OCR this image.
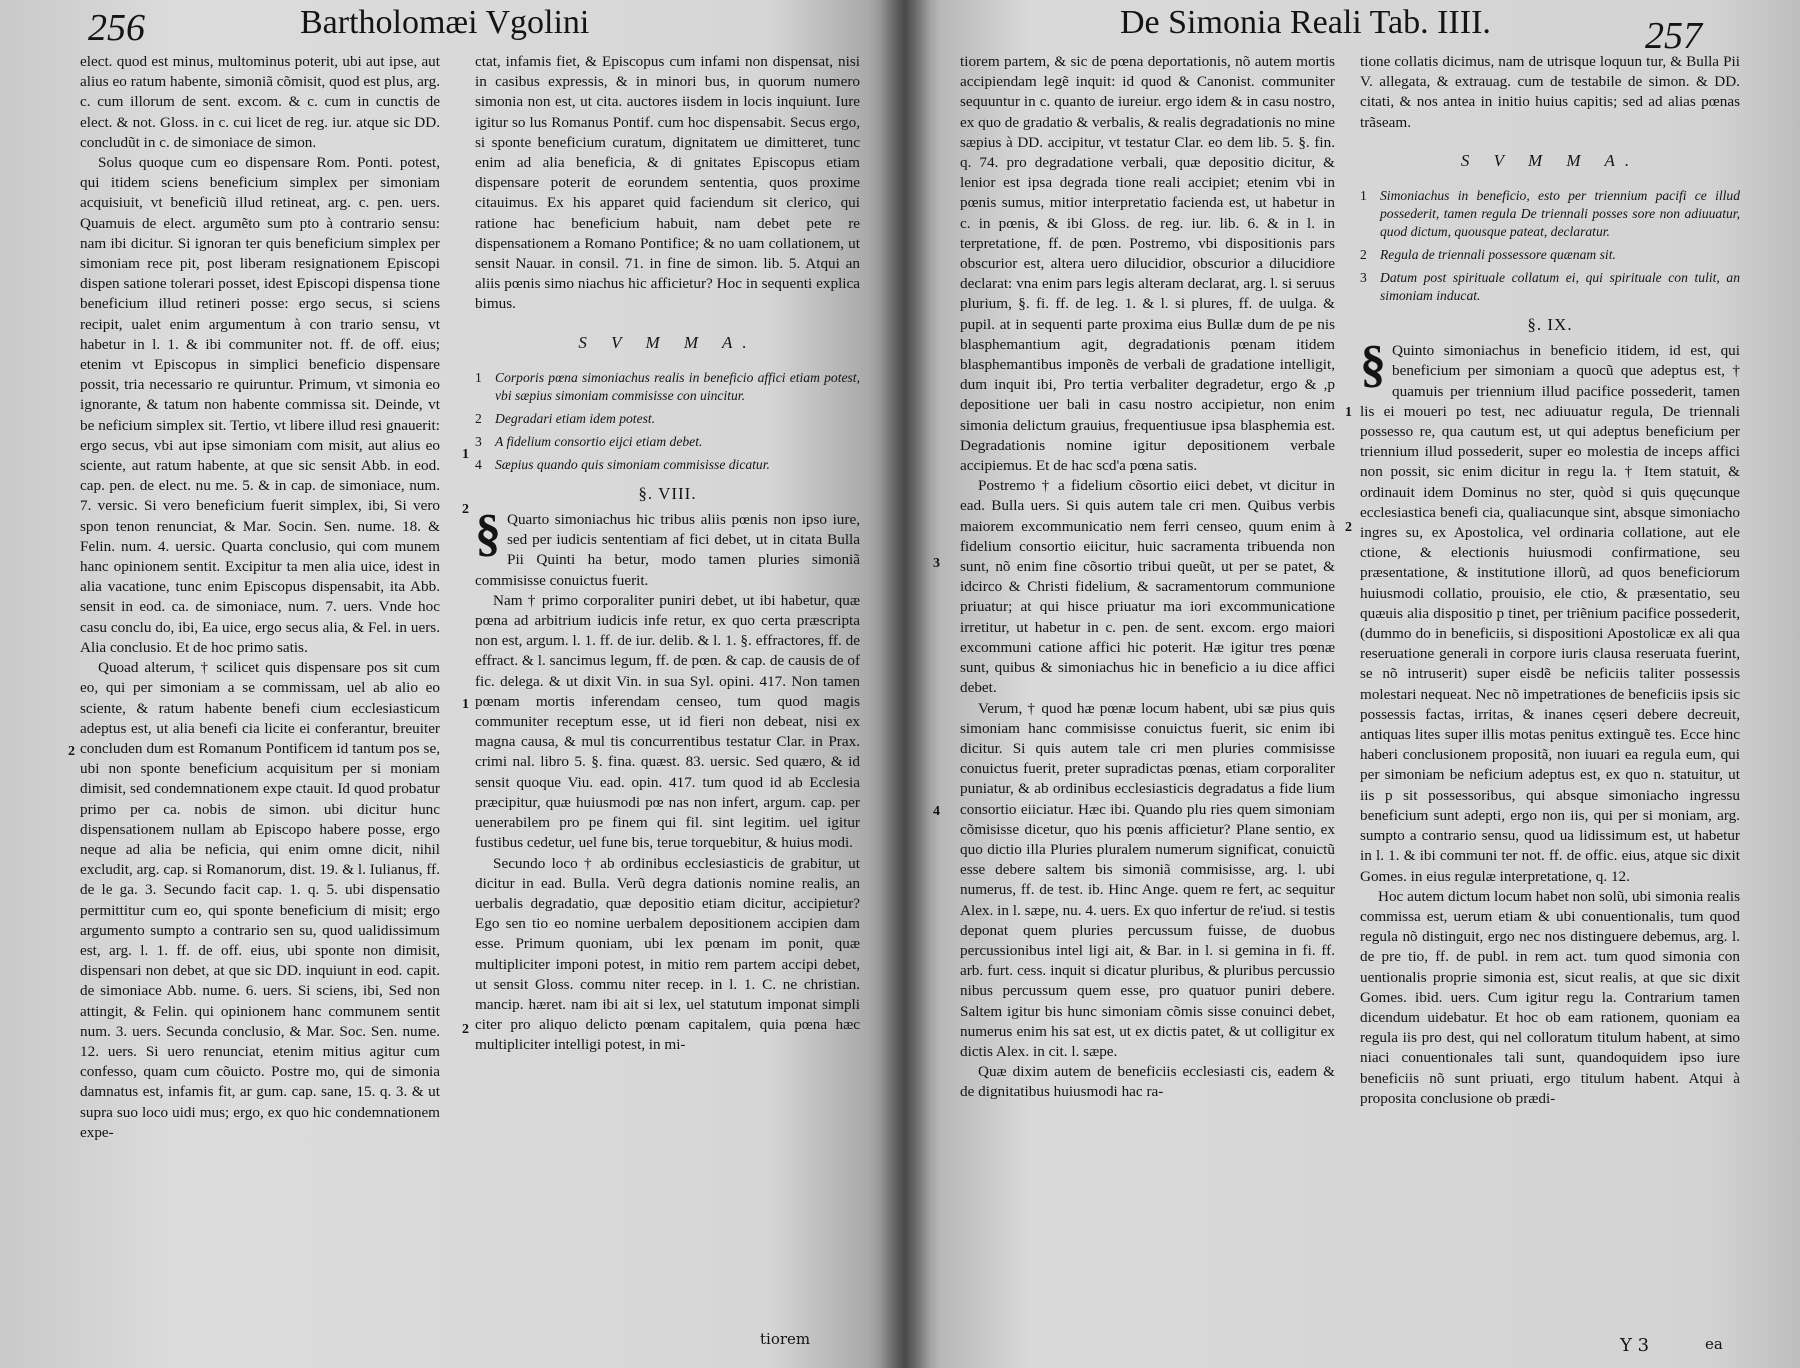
256	Bartholomæi Vgolini

elect. quod est minus, multominus poterit, ubi aut ipse, aut alius eo ratum habente, simoniã cõmisit, quod est plus, arg. c. cum illorum de sent. excom. & c. cum in cunctis de elect. & not. Gloss. in c. cui licet de reg. iur. atque sic DD. concludũt in c. de simoniace de simon.

Solus quoque cum eo dispensare Rom. Ponti. potest, qui itidem sciens beneficium simplex per simoniam acquisiuit, vt beneficiũ illud retineat, arg. c. pen. uers. Quamuis de elect. argumẽto sum pto à contrario sensu: nam ibi dicitur. Si ignoran ter quis beneficium simplex per simoniam rece pit, post liberam resignationem Episcopi dispen satione tolerari posset, idest Episcopi dispensa tione beneficium illud retineri posse: ergo secus, si sciens recipit, ualet enim argumentum à con trario sensu, vt habetur in l. 1. & ibi communiter not. ff. de off. eius; etenim vt Episcopus in simplici beneficio dispensare possit, tria necessario re quiruntur. Primum, vt simonia eo ignorante, & tatum non habente commissa sit. Deinde, vt be neficium simplex sit. Tertio, vt libere illud resi gnauerit: ergo secus, vbi aut ipse simoniam com misit, aut alius eo sciente, aut ratum habente, at que sic sensit Abb. in eod. cap. pen. de elect. nu me. 5. & in cap. de simoniace, num. 7. versic. Si vero beneficium fuerit simplex, ibi, Si vero spon tenon renunciat, & Mar. Socin. Sen. nume. 18. & Felin. num. 4. uersic. Quarta conclusio, qui com munem hanc opinionem sentit. Excipitur ta men alia uice, idest in alia vacatione, tunc enim Episcopus dispensabit, ita Abb. sensit in eod. ca. de simoniace, num. 7. uers. Vnde hoc casu conclu do, ibi, Ea uice, ergo secus alia, & Fel. in uers. Alia conclusio. Et de hoc primo satis.

Quoad alterum, † scilicet quis dispensare pos sit cum eo, qui per simoniam a se commissam, uel ab alio eo sciente, & ratum habente benefi cium ecclesiasticum adeptus est, ut alia benefi cia licite ei conferantur, breuiter concluden dum est Romanum Pontificem id tantum pos se, ubi non sponte beneficium acquisitum per si moniam dimisit, sed condemnationem expe ctauit. Id quod probatur primo per ca. nobis de simon. ubi dicitur hunc dispensationem nullam ab Episcopo habere posse, ergo neque ad alia be neficia, qui enim omne dicit, nihil excludit, arg. cap. si Romanorum, dist. 19. & l. Iulianus, ff. de le ga. 3. Secundo facit cap. 1. q. 5. ubi dispensatio permittitur cum eo, qui sponte beneficium di misit; ergo argumento sumpto a contrario sen su, quod ualidissimum est, arg. l. 1. ff. de off. eius, ubi sponte non dimisit, dispensari non debet, at que sic DD. inquiunt in eod. capit. de simoniace Abb. nume. 6. uers. Si sciens, ibi, Sed non attingit, & Felin. qui opinionem hanc communem sentit num. 3. uers. Secunda conclusio, & Mar. Soc. Sen. nume. 12. uers. Si uero renunciat, etenim mitius agitur cum confesso, quam cum cõuicto. Postre mo, qui de simonia damnatus est, infamis fit, ar gum. cap. sane, 15. q. 3. & ut supra suo loco uidi mus; ergo, ex quo hic condemnationem expe-

ctat, infamis fiet, & Episcopus cum infami non dispensat, nisi in casibus expressis, & in minori bus, in quorum numero simonia non est, ut cita. auctores iisdem in locis inquiunt. Iure igitur so lus Romanus Pontif. cum hoc dispensabit. Secus ergo, si sponte beneficium curatum, dignitatem ue dimitteret, tunc enim ad alia beneficia, & di gnitates Episcopus etiam dispensare poterit de eorundem sententia, quos proxime citauimus. Ex his apparet quid faciendum sit clerico, qui ratione hac beneficium habuit, nam debet pete re dispensationem a Romano Pontifice; & no uam collationem, ut sensit Nauar. in consil. 71. in fine de simon. lib. 5. Atqui an aliis pœnis simo niachus hic afficietur? Hoc in sequenti explica bimus.

S V M M A.
1 Corporis pœna simoniachus realis in beneficio affici etiam potest, vbi sæpius simoniam commisisse con uincitur.
2 Degradari etiam idem potest.
3 A fidelium consortio eijci etiam debet.
4 Sæpius quando quis simoniam commisisse dicatur.
§. VIII.

§ Quarto simoniachus hic tribus aliis pœnis non ipso iure, sed per iudicis sententiam af fici debet, ut in citata Bulla Pii Quinti ha betur, modo tamen pluries simoniã commisisse conuictus fuerit.

Nam † primo corporaliter puniri debet, ut ibi habetur, quæ pœna ad arbitrium iudicis infe retur, ex quo certa præscripta non est, argum. l. 1. ff. de iur. delib. & l. 1. §. effractores, ff. de effract. & l. sancimus legum, ff. de pœn. & cap. de causis de of fic. delega. & ut dixit Vin. in sua Syl. opini. 417. Non tamen pœnam mortis inferendam censeo, tum quod magis communiter receptum esse, ut id fieri non debeat, nisi ex magna causa, & mul tis concurrentibus testatur Clar. in Prax. crimi nal. libro 5. §. fina. quæst. 83. uersic. Sed quæro, & id sensit quoque Viu. ead. opin. 417. tum quod id ab Ecclesia præcipitur, quæ huiusmodi pœ nas non infert, argum. cap. per uenerabilem pro pe finem qui fil. sint legitim. uel igitur fustibus cedetur, uel fune bis, terue torquebitur, & huius modi.

Secundo loco † ab ordinibus ecclesiasticis de grabitur, ut dicitur in ead. Bulla. Verũ degra dationis nomine realis, an uerbalis degradatio, quæ depositio etiam dicitur, accipietur? Ego sen tio eo nomine uerbalem depositionem accipien dam esse. Primum quoniam, ubi lex pœnam im ponit, quæ multipliciter imponi potest, in mitio rem partem accipi debet, ut sensit Gloss. commu niter recep. in l. 1. C. ne christian. mancip. hæret. nam ibi ait si lex, uel statutum imponat simpli citer pro aliquo delicto pœnam capitalem, quia pœna hæc multipliciter intelligi potest, in mi-

2
1
2
1
2
tiorem
De Simonia Reali Tab. IIII.	257

tiorem partem, & sic de pœna deportationis, nõ autem mortis accipiendam legẽ inquit: id quod & Canonist. communiter sequuntur in c. quanto de iureiur. ergo idem & in casu nostro, ex quo de gradatio & verbalis, & realis degradationis no mine sæpius à DD. accipitur, vt testatur Clar. eo dem lib. 5. §. fin. q. 74. pro degradatione verbali, quæ depositio dicitur, & lenior est ipsa degrada tione reali accipiet; etenim vbi in pœnis sumus, mitior interpretatio facienda est, ut habetur in c. in pœnis, & ibi Gloss. de reg. iur. lib. 6. & in l. in terpretatione, ff. de pœn. Postremo, vbi dispositionis pars obscurior est, altera uero dilucidior, obscurior a dilucidiore declarat: vna enim pars legis alteram declarat, arg. l. si seruus plurium, §. fi. ff. de leg. 1. & l. si plures, ff. de uulga. & pupil. at in sequenti parte proxima eius Bullæ dum de pe nis blasphemantium agit, degradationis pœnam itidem blasphemantibus imponẽs de verbali de gradatione intelligit, dum inquit ibi, Pro tertia verbaliter degradetur, ergo & ,p depositione uer bali in casu nostro accipietur, non enim simonia delictum grauius, frequentiusue ipsa blasphemia est. Degradationis nomine igitur depositionem verbale accipiemus. Et de hac scd'a pœna satis.

Postremo † a fidelium cõsortio eiici debet, vt dicitur in ead. Bulla uers. Si quis autem tale cri men. Quibus verbis maiorem excommunicatio nem ferri censeo, quum enim à fidelium consortio eiicitur, huic sacramenta tribuenda non sunt, nõ enim fine cõsortio tribui queũt, ut per se patet, & idcirco & Christi fidelium, & sacramentorum communione priuatur; at qui hisce priuatur ma iori excommunicatione irretitur, ut habetur in c. pen. de sent. excom. ergo maiori excommuni catione affici hic poterit. Hæ igitur tres pœnæ sunt, quibus & simoniachus hic in beneficio a iu dice affici debet.

Verum, † quod hæ pœnæ locum habent, ubi sæ pius quis simoniam hanc commisisse conuictus fuerit, sic enim ibi dicitur. Si quis autem tale cri men pluries commisisse conuictus fuerit, preter supradictas pœnas, etiam corporaliter puniatur, & ab ordinibus ecclesiasticis degradatus a fide lium consortio eiiciatur. Hæc ibi. Quando plu ries quem simoniam cõmisisse dicetur, quo his pœnis afficietur? Plane sentio, ex quo dictio illa Pluries pluralem numerum significat, conuictũ esse debere saltem bis simoniã commisisse, arg. l. ubi numerus, ff. de test. ib. Hinc Ange. quem re fert, ac sequitur Alex. in l. sæpe, nu. 4. uers. Ex quo infertur de re'iud. si testis deponat quem pluries percussum fuisse, de duobus percussionibus intel ligi ait, & Bar. in l. si gemina in fi. ff. arb. furt. cess. inquit si dicatur pluribus, & pluribus percussio nibus percussum quem esse, pro quatuor puniri debere. Saltem igitur bis hunc simoniam cõmis sisse conuinci debet, numerus enim his sat est, ut ex dictis patet, & ut colligitur ex dictis Alex. in cit. l. sæpe.

Quæ dixim autem de beneficiis ecclesiasti cis, eadem & de dignitatibus huiusmodi hac ra-

tione collatis dicimus, nam de utrisque loquun tur, & Bulla Pii V. allegata, & extrauag. cum de testabile de simon. & DD. citati, & nos antea in initio huius capitis; sed ad alias pœnas trãseam.

S V M M A.
1 Simoniachus in beneficio, esto per triennium pacifi ce illud possederit, tamen regula De triennali posses sore non adiuuatur, quod dictum, quousque pateat, declaratur.
2 Regula de triennali possessore quænam sit.
3 Datum post spirituale collatum ei, qui spirituale con tulit, an simoniam inducat.
§. IX.

§ Quinto simoniachus in beneficio itidem, id est, qui beneficium per simoniam a quocũ que adeptus est, † quamuis per triennium illud pacifice possederit, tamen lis ei moueri po test, nec adiuuatur regula, De triennali possesso re, qua cautum est, ut qui adeptus beneficium per triennium illud possederit, super eo molestia de inceps affici non possit, sic enim dicitur in regu la. † Item statuit, & ordinauit idem Dominus no ster, quòd si quis quęcunque ecclesiastica benefi cia, qualiacunque sint, absque simoniacho ingres su, ex Apostolica, vel ordinaria collatione, aut ele ctione, & electionis huiusmodi confirmatione, seu præsentatione, & institutione illorũ, ad quos beneficiorum huiusmodi collatio, prouisio, ele ctio, & præsentatio, seu quæuis alia dispositio p tinet, per triẽnium pacifice possederit, (dummo do in beneficiis, si dispositioni Apostolicæ ex ali qua reseruatione generali in corpore iuris clausa reseruata fuerint, se nõ intruserit) super eisdẽ be neficiis taliter possessis molestari nequeat. Nec nõ impetrationes de beneficiis ipsis sic possessis factas, irritas, & inanes cęseri debere decreuit, antiquas lites super illis motas penitus extinguẽ tes. Ecce hinc haberi conclusionem propositã, non iuuari ea regula eum, qui per simoniam be neficium adeptus est, ex quo n. statuitur, ut iis p sit possessoribus, qui absque simoniacho ingressu beneficium sunt adepti, ergo non iis, qui per si moniam, arg. sumpto a contrario sensu, quod ua lidissimum est, ut habetur in l. 1. & ibi communi ter not. ff. de offic. eius, atque sic dixit Gomes. in eius regulæ interpretatione, q. 12.

Hoc autem dictum locum habet non solũ, ubi simonia realis commissa est, uerum etiam & ubi conuentionalis, tum quod regula nõ distinguit, ergo nec nos distinguere debemus, arg. l. de pre tio, ff. de publ. in rem act. tum quod simonia con uentionalis proprie simonia est, sicut realis, at que sic dixit Gomes. ibid. uers. Cum igitur regu la. Contrarium tamen dicendum uidebatur. Et hoc ob eam rationem, quoniam ea regula iis pro dest, qui nel colloratum titulum habent, at simo niaci conuentionales tali sunt, quandoquidem ipso iure beneficiis nõ sunt priuati, ergo titulum habent. Atqui à proposita conclusione ob prædi-

3
4
1
2
Y 3	ea
